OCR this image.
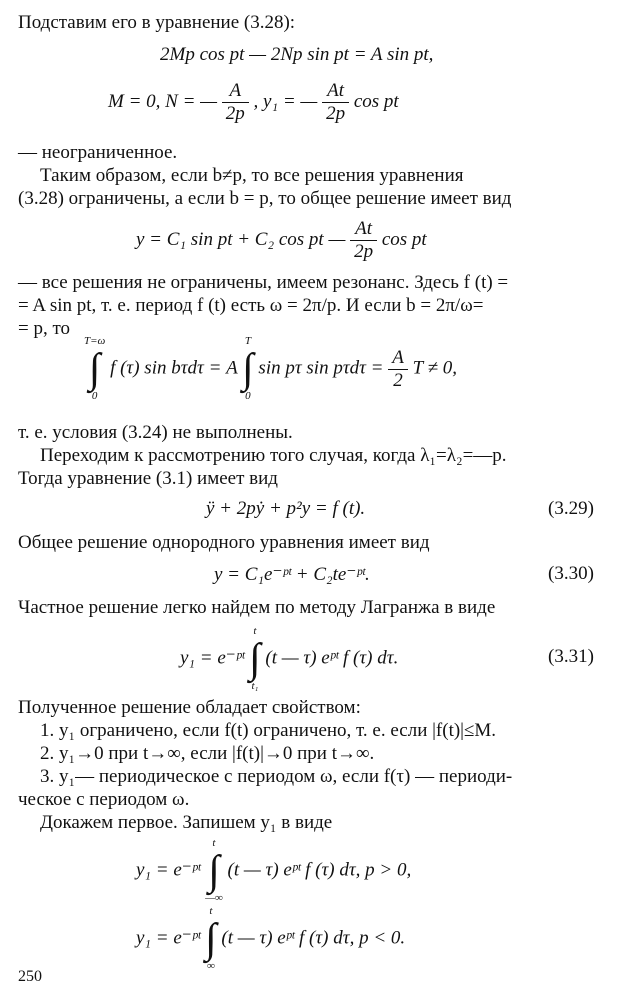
Подставим его в уравнение (3.28):
2Mp cos pt — 2Np sin pt = A sin pt,
M = 0, N = — $\frac{A}{2p}$ , y₁ = — $\frac{At}{2p}$ cos pt
— неограниченное.
Таким образом, если b≠p, то все решения уравнения
(3.28) ограничены, а если b = p, то общее решение имеет вид
y = C₁ sin pt + C₂ cos pt — $\frac{At}{2p}$ cos pt
— все решения не ограничены, имеем резонанс. Здесь f (t) =
= A sin pt, т. е. период f (t) есть ω = 2π/p. И если b = 2π/ω=
= p, то
T=ω
∫
0
f (τ) sin bτdτ = A
T
∫
0
sin pτ $\sin p\tau d\tau = \frac{A}{2}$ T ≠ 0,
т. е. условия (3.24) не выполнены.
Переходим к рассмотрению того случая, когда λ₁=λ₂=—p.
Тогда уравнение (3.1) имеет вид
ÿ + 2pẏ + p²y = f (t).	(3.29)
Общее решение однородного уравнения имеет вид
y = C₁e⁻ᵖᵗ + C₂te⁻ᵖᵗ.	(3.30)
Частное решение легко найдем по методу Лагранжа в виде
y₁ = e⁻ᵖᵗ
t
∫
t₁
(t — τ) eᵖᵗ f (τ) dτ.	(3.31)
Полученное решение обладает свойством:
1. y₁ ограничено, если f(t) ограничено, т. е. если |f(t)|≤M.
2. y₁→0 при t→∞, если |f(t)|→0 при t→∞.
3. y₁— периодическое с периодом ω, если f(τ) — периоди-
ческое с периодом ω.
Докажем первое. Запишем y₁ в виде
y₁ = e⁻ᵖᵗ
t
∫
—∞
(t — τ) eᵖᵗ f (τ) dτ, p > 0,
y₁ = e⁻ᵖᵗ
t
∫
∞
(t — τ) eᵖᵗ f (τ) dτ, p < 0.
250
